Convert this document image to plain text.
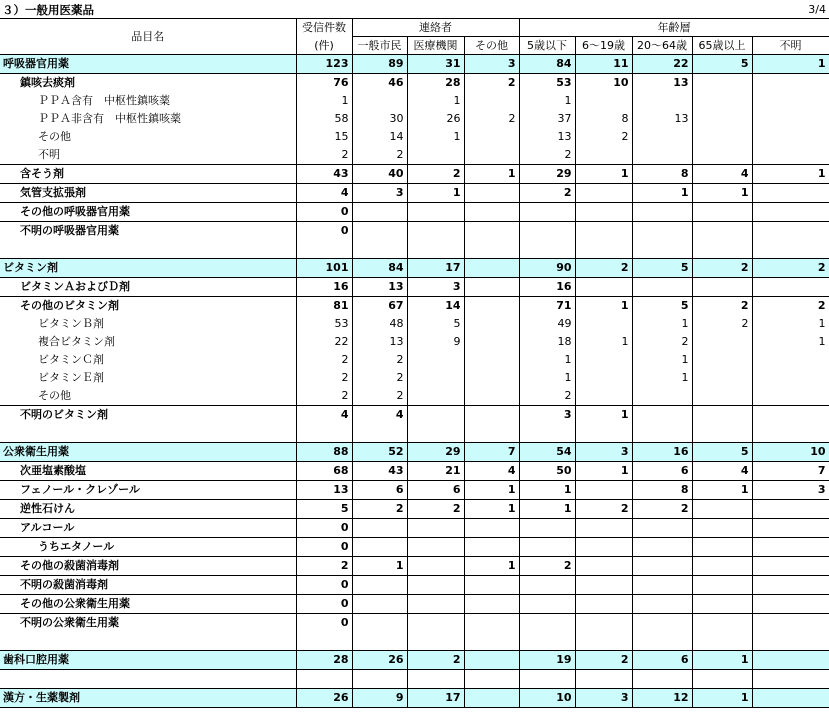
３）一般用医薬品	3/4
品目名	受信件数	連絡者			年齢層				
	(件)	一般市民	医療機関	その他	5歳以下	6～19歳	20～64歳	65歳以上	不明
呼吸器官用薬	123	89	31	3	84	11	22	5	1
鎮咳去痰剤	76	46	28	2	53	10	13		
ＰＰＡ含有　中枢性鎮咳薬	1		1		1				
ＰＰＡ非含有　中枢性鎮咳薬	58	30	26	2	37	8	13		
その他	15	14	1		13	2			
不明	2	2			2				
含そう剤	43	40	2	1	29	1	8	4	1
気管支拡張剤	4	3	1		2		1	1	
その他の呼吸器官用薬	0								
不明の呼吸器官用薬	0								

ビタミン剤	101	84	17		90	2	5	2	2
ビタミンＡおよびＤ剤	16	13	3		16				
その他のビタミン剤	81	67	14		71	1	5	2	2
ビタミンＢ剤	53	48	5		49		1	2	1
複合ビタミン剤	22	13	9		18	1	2		1
ビタミンＣ剤	2	2			1		1		
ビタミンＥ剤	2	2			1		1		
その他	2	2			2				
不明のビタミン剤	4	4			3	1			

公衆衛生用薬	88	52	29	7	54	3	16	5	10
次亜塩素酸塩	68	43	21	4	50	1	6	4	7
フェノール・クレゾール	13	6	6	1	1		8	1	3
逆性石けん	5	2	2	1	1	2	2		
アルコール	0								
うちエタノール	0								
その他の殺菌消毒剤	2	1		1	2				
不明の殺菌消毒剤	0								
その他の公衆衛生用薬	0								
不明の公衆衛生用薬	0								

歯科口腔用薬	28	26	2		19	2	6	1	

漢方・生薬製剤	26	9	17		10	3	12	1	
